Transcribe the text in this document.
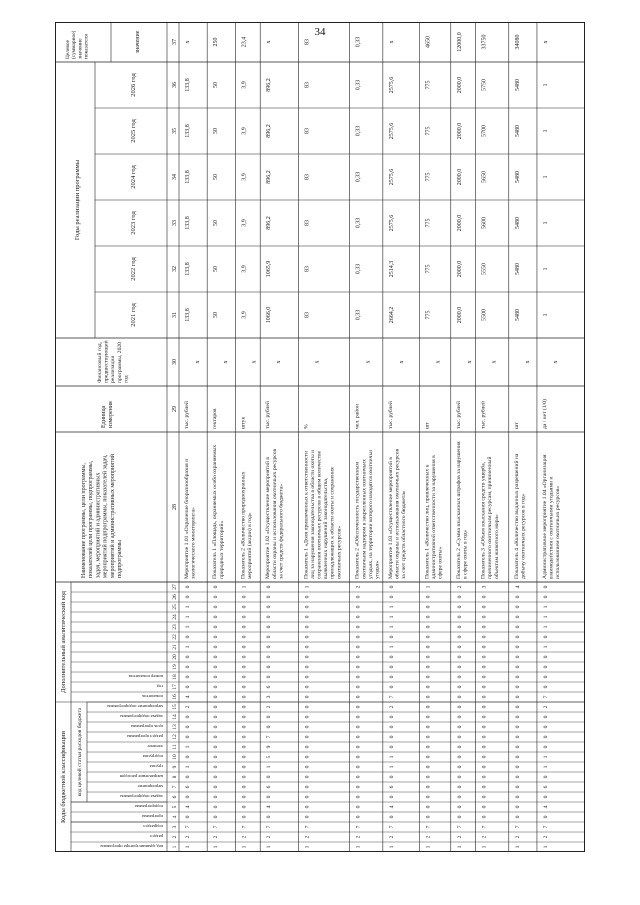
34
Коды бюджетной классификации
Дополнительный аналитический код
код целевой статьи расходов бюджета
код администратора программы
раздел
подраздел
программа
подпрограмма
задача подпрограммы
мероприятие
направление расходов
группа
подгруппа
элемент
раздел программы
цель программы
задача подпрограммы
мероприятие подпрограммы
показатель
год
номер показателя
Наименование программы, цели программы,показателей цели программы, подпрограммы,задач, мероприятий и административныхмероприятий подпрограммы, показателей задач,мероприятий и административных мероприятийподпрограммы
Единицаизмерения
Финансовый год,предшествующийреализациипрограммы, 2020год
Годы реализации программы
2021 год
2022 год
2023 год
2024 год
2025 год
2026 год
Целевое(суммарное)значениепоказателя	значение
1
2
3
4
5
6
7
8
9
10
11
12
13
14
15
16
17
18
19
20
21
22
23
24
25
26
27
28
29
30
31
32
33
34
35
36
37
1
2
7
0
4
0
6
0
1
0
1
0
0
0
2
4
0
0
0
0
1
0
1
1
1
0
0
Мероприятие 1.01 «Охранение биоразнообразия иэкологического мониторинга»
тыс. рублей
х
133,8
133,8
133,8
133,8
133,8
133,8
х
1
2
7
0
0
0
0
0
0
0
0
0
0
0
0
0
0
0
0
0
0
0
0
0
0
0
0
Показатель 1 «Площадь, охраняемых особо охраняемыхприродных территорий»
гектаров
х
50
50
50
50
50
50
250
1
2
7
0
0
0
0
0
0
0
0
0
0
0
0
0
0
0
0
0
0
0
0
0
0
0
1
Показатель 2 «Количество природоохранныхмероприятий (акции) в год»
штук
х
3,9
3,9
3,9
3,9
3,9
3,9
23,4
1
2
7
0
4
0
6
0
1
5
9
7
0
0
2
3
6
0
0
0
0
0
0
0
0
0
0
Мероприятие 1.02 «Осуществление мероприятий вобласти охраны и использования охотничьих ресурсовза счет средств федерального бюджета»
тыс. рублей
х
1066,0
1065,9
896,2
896,2
896,2
896,2
х
1
2
7
0
0
0
0
0
0
0
0
0
0
0
0
0
0
0
0
0
0
0
0
0
0
0
1
Показатель 1 «Доля привлеченных к ответственностилиц за нарушения законодательства в области охоты исохранения охотничьих ресурсов в общем количествевыявленных нарушений законодательства,принадлежащих к области охоты и сохраненияохотничьих ресурсов»
%
х
83
83
83
83
83
83
83
1
2
7
0
0
0
0
0
0
0
0
0
0
0
0
0
0
0
0
0
0
0
0
0
0
0
2
Показатель 2 «Обеспеченность государственнымохотничьим надзором в закрепленных охотничьихугодьях, на территории которого находятся охотничьиугодья»
чел. район
х
0,33
0,33
0,33
0,33
0,33
0,33
0,33
1
2
7
0
4
0
6
0
1
1
0
0
0
0
2
7
0
0
0
0
1
0
1
1
1
0
0
Мероприятие 1.03 «Осуществление мероприятий вобласти охраны и использования охотничьих ресурсовза счет средств областного бюджета»
тыс. рублей
х
2664,2
2514,3
2575,6
2575,6
2575,6
2575,6
х
1
2
7
0
0
0
0
0
0
0
0
0
0
0
0
0
0
0
0
0
0
0
0
0
0
0
1
Показатель 1 «Количество лиц, привлеченных кадминистративной ответственности за нарушения всфере охоты»
шт
х
775
775
775
775
775
775
4650
1
2
7
0
0
0
0
0
0
0
0
0
0
0
0
0
0
0
0
0
0
0
0
0
0
0
2
Показатель 2 «Сумма взысканных штрафов за нарушенияв сфере охоты в год»
тыс. рублей
х
2000,0
2000,0
2000,0
2000,0
2000,0
2000,0
12000,0
1
2
7
0
0
0
0
0
0
0
0
0
0
0
0
0
0
0
0
0
0
0
0
0
0
0
3
Показатель 3 «Объем взыскания средств ущерба,причиненного охотничьим ресурсам, причиненныйобъектам животного мира»
тыс. рублей
х
5500
5550
5600
5650
5700
5750
33750
1
2
7
0
0
0
0
0
0
0
0
0
0
0
0
0
0
0
0
0
0
0
0
0
0
0
4
Показатель 4 «Количество выданных разрешений надобычу охотничьих ресурсов в год»
шт
х
5480
5480
5480
5480
5480
5480
34080
1
2
7
0
4
0
6
0
1
1
0
0
0
0
2
7
0
0
0
0
1
0
1
1
1
0
0
Административное мероприятие 1.04 «Организациявзаимодействия с охотничьими угодьями ииспользованием охотничьих ресурсов»
да / нет (1/0)
х
1
1
1
1
1
1
х
